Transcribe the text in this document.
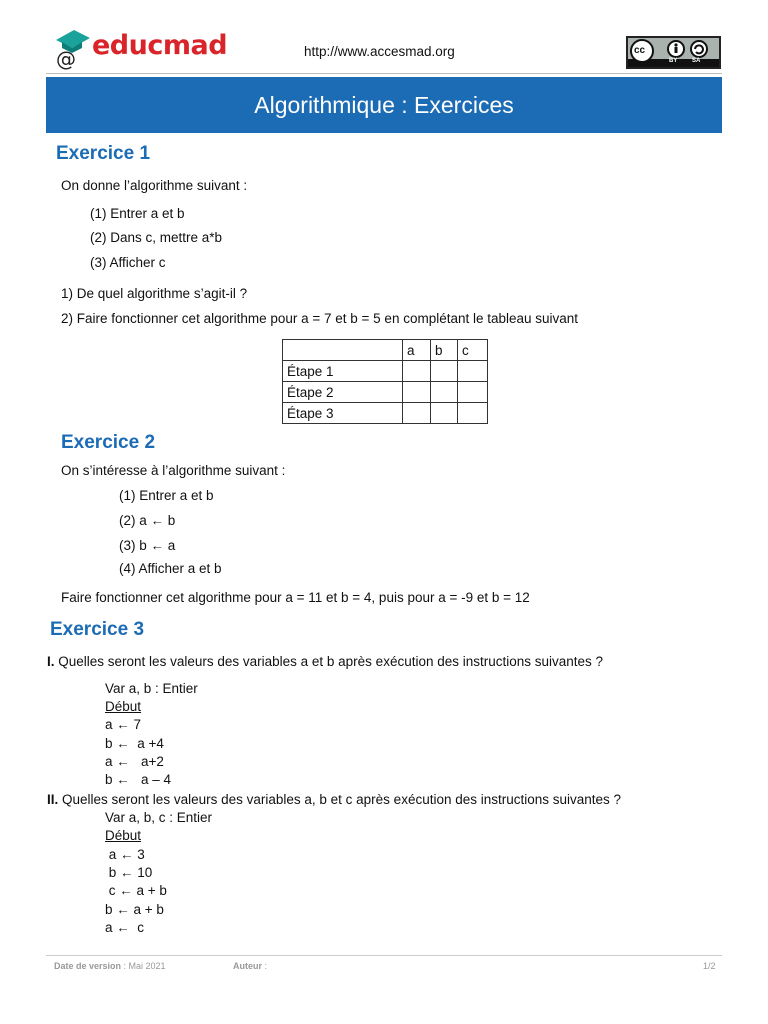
@ educmad	http://www.accesmad.org	cc
BY SA
Algorithmique : Exercices
Exercice 1
On donne l’algorithme suivant :
(1) Entrer a et b
(2) Dans c, mettre a*b
(3) Afficher c
1) De quel algorithme s’agit-il ?
2) Faire fonctionner cet algorithme pour a = 7 et b = 5 en complétant le tableau suivant
	a	b	c
Étape 1			
Étape 2			
Étape 3			
Exercice 2
On s’intéresse à l’algorithme suivant :
(1) Entrer a et b
(2) a ← b
(3) b ← a
(4) Afficher a et b
Faire fonctionner cet algorithme pour a = 11 et b = 4, puis pour a = -9 et b = 12
Exercice 3
I. Quelles seront les valeurs des variables a et b après exécution des instructions suivantes ?
Var a, b : Entier
Début
a ← 7
b ←  a +4
a ←   a+2
b ←   a – 4
II. Quelles seront les valeurs des variables a, b et c après exécution des instructions suivantes ?
Var a, b, c : Entier
Début
a ← 3
b ← 10
c ← a + b
b ← a + b
a ←  c
Date de version : Mai 2021	Auteur :	1/2
